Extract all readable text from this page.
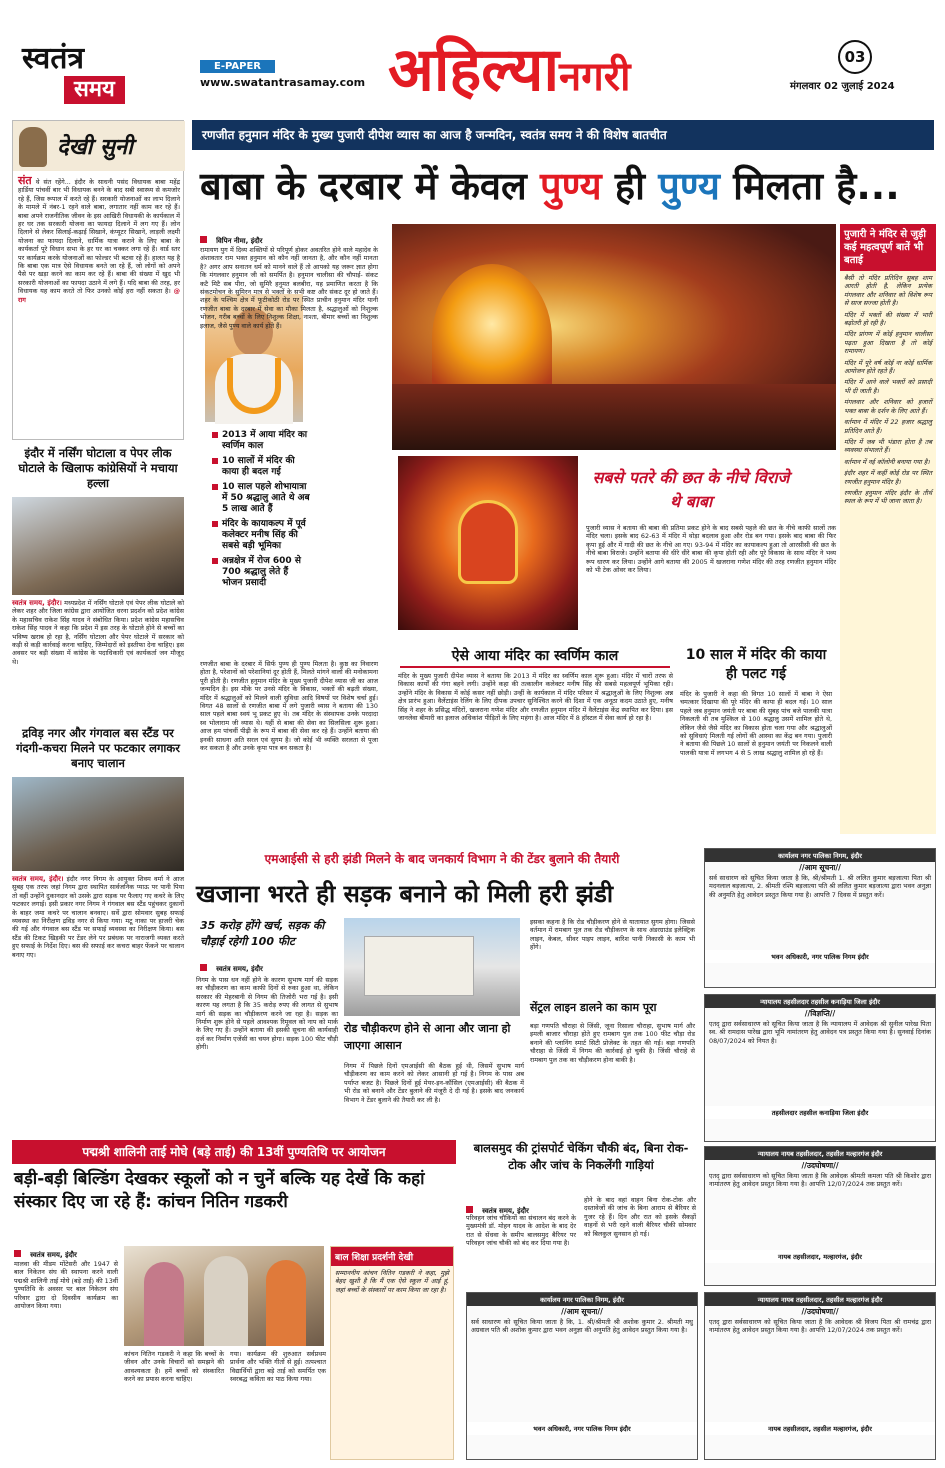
स्वतंत्र
समय
E-PAPER
www.swatantrasamay.com अहिल्यानगरी	03
मंगलवार 02 जुलाई 2024
देखी सुनी
संत थे संत रहेंगे... इंदौर के साधनी पसंद विधायक बाबा महेंद्र हार्डिया पांचवीं बार भी विधायक बनने के बाद सबी स्वास्थ्य से कमजोर रहे हैं, जिस रूपाल में करते रहे हैं। सरकारी योजनाओं का लाभ दिलाने के मामले में नंबर-1 रहने वाले बाबा, लगातार नहीं काम कर रहे हैं। बाबा अपने राजनीतिक जीवन के इस आखिरी विधायकी के कार्यकाल में हर घर तक सरकारी योजना का फायदा दिलाने में लग गए हैं। लोन दिलाने से लेकर सिलाई-कढ़ाई सिखाने, कंप्यूटर सिखाने, लाड़ली लक्ष्मी योजना का फायदा दिलाने, धार्मिक यात्रा कराने के लिए बाबा के कार्यकर्ता पूरे विधान सभा के हर घर का चक्कर लगा रहे हैं। वार्ड स्तर पर कार्यक्रम करके योजनाओं का फोल्डर भी बटवा रहे हैं। हालत यह है कि बाबा एक मात्र ऐसे विधायक बनते जा रहे हैं, जो लोगों को अपने पैसे पर खड़ा करने का काम कर रहे हैं। बाबा की संख्या में खुद भी सरकारी योजनाओं का फायदा उठाने में लगे हैं। यदि बाबा की तरह, हर विधायक यह काम करते तो फिर उनको कोई हरा नहीं सकता है। @ राग
इंदौर में नर्सिंग घोटाला व पेपर लीक घोटाले के खिलाफ कांग्रेसियों ने मचाया हल्ला
स्वतंत्र समय, इंदौर। मध्यप्रदेश में नर्सिंग घोटाले एवं पेपर लीक घोटाले को लेकर शहर और जिला कांग्रेस द्वारा आयोजित धरना प्रदर्शन को प्रदेश कांग्रेस के महासचिव राकेश सिंह यादव ने संबोधित किया। प्रदेश कांग्रेस महासचिव राकेश सिंह यादव ने कहा कि प्रदेश में इस तरह के घोटाले होने से बच्चों का भविष्य खराब हो रहा है, नर्सिंग घोटाला और पेपर घोटाले में सरकार को कड़ी से कड़ी कार्रवाई करना चाहिए, जिम्मेदारों को इस्तीफा देना चाहिए। इस अवसर पर बड़ी संख्या में कांग्रेस के पदाधिकारी एवं कार्यकर्ता जन मौजूद थे।
द्रविड़ नगर और गंगवाल बस स्टैंड पर गंदगी-कचरा मिलने पर फटकार लगाकर बनाए चालान
स्वतंत्र समय, इंदौर। इंदौर नगर निगम के आयुक्त शिवम वर्मा ने आज सुबह एक तरफ जहां निगम द्वारा स्थापित सार्वजनिक प्याऊ पर पानी पिया तो वहीं उन्होंने दुकानदार को उसके द्वारा सड़क पर फैलाए गए कचरे के लिए फटकार लगाई। इसी प्रकार नगर निगम ने गंगवाल बस स्टैंड पहुंचकर दुकानों के बाहर जमा कचरे पर चालान बनवाए। सर्वे द्वारा सोमवार सुबह सफाई व्यवस्था का निरीक्षण द्रविड़ नगर से किया गया। मटू नाका पर हाजरी चेक की गई और गंगवाल बस स्टैंड पर सफाई व्यवस्था का निरीक्षण किया। बस स्टैंड की टिकट खिड़की पर टेंडर लेने पर प्रबंधक पर नाराजगी व्यक्त करते हुए सफाई के निर्देश दिए। बस की सफाई कर कचरा बाहर फेंकने पर चालान बनाए गए।
रणजीत हनुमान मंदिर के मुख्य पुजारी दीपेश व्यास का आज है जन्मदिन, स्वतंत्र समय ने की विशेष बातचीत
बाबा के दरबार में केवल पुण्य ही पुण्य मिलता है...
विपिन नीमा, इंदौर
रामायण युग में दिव्य शक्तियों से परिपूर्ण होकर अवतरित होने वाले महादेव के अंशावतार राम भक्त हनुमान को कौन नहीं जानता है, और कौन नहीं मानता है? अगर आप सनातन धर्म को मानने वाले हैं तो आपको यह जरूर ज्ञात होगा कि मंगलवार हनुमान जी को समर्पित है। हनुमान चालीसा की चौपाई- संकट कटै मिटै सब पीरा, जो सुमिरै हनुमत बलबीरा, यह प्रमाणित करता है कि संकटमोचन के सुमिरन मात्र से भक्तों के सभी कष्ट और संकट दूर हो जाते हैं। शहर के पश्चिम क्षेत्र में फूटीकोठी रोड पर स्थित प्राचीन हनुमान मंदिर यानी रणजीत बाबा के दरबार में सेवा का मौका मिलता है, श्रद्धालुओं को निशुल्क भोजन, गरीब बच्चों के लिए निशुल्क शिक्षा, नाश्ता, बीमार बच्चों का निशुल्क इलाज, जैसे पुण्य वाले कार्य होते हैं।
2013 में आया मंदिर का स्वर्णिम काल
10 सालों में मंदिर की काया ही बदल गई
10 साल पहले शोभायात्रा में 50 श्रद्धालु आते थे अब 5 लाख आते हैं
मंदिर के कायाकल्प में पूर्व कलेक्टर मनीष सिंह की सबसे बड़ी भूमिका
अन्नक्षेत्र में रोज 600 से 700 श्रद्धालु लेते हैं भोजन प्रसादी
रणजीत बाबा के दरबार में सिर्फ पुण्य ही पुण्य मिलता है। कुष्ठ का निवारण होता है, परेशानों को परेशानियां दूर होती हैं, मिलते मांगने वालों की मनोकामना पूरी होती है। रणजीत हनुमान मंदिर के मुख्य पुजारी दीपेश व्यास जी का आज जन्मदिन है। इस मौके पर उनसे मंदिर के विकास, भक्तों की बढ़ती संख्या, मंदिर में श्रद्धालुओं को मिलने वाली सुविधा आदि विषयों पर विशेष चर्चा हुई। विगत 48 सालों से रणजीत बाबा में लगे पुजारी व्यास ने बताया की 130 साल पहले बाबा स्वयं भू प्रकट हुए थे। तब मंदिर के संस्थापक उनके परदादा स्व भोलाराम जी व्यास थे। यहीं से बाबा की सेवा का सिलसिला शुरू हुआ। आज हम पांचवीं पीढ़ी के रूप में बाबा की सेवा कर रहे हैं। उन्होंने बताया की इनकी साधना अति सरल एवं सुगम है। जो कोई भी व्यक्ति सरलता से पूजा कर सकता है और उनके कृपा पात्र बन सकता है।
सबसे पतरे की छत के नीचे विराजे थे बाबा
पुजारी व्यास ने बताया की बाबा की प्रतिमा प्रकट होने के बाद सबसे पहले की छत के नीचे काफी सालों तक मंदिर चला। इसके बाद 62-63 में मंदिर में थोड़ा बदलाव हुआ और रोड बन गया। इसके बाद बाबा की फिर कृपा हुई और में गादी की छत के नीचे आ गए। 93-94 में मंदिर का कायाकल्प हुआ तो आरसीसी की छत के नीचे बाबा विराजे। उन्होंने बताया की धीरे धीरे बाबा की कृपा होती रही और पूरे विकास के साथ मंदिर ने भव्य रूप धारण कर लिया। उन्होंने आगे बताया की 2005 में खजराना गणेश मंदिर की तरह रणजीत हनुमान मंदिर को भी टेक ओवर कर लिया।
ऐसे आया मंदिर का स्वर्णिम काल
मंदिर के मुख्य पुजारी दीपेश व्यास ने बताया कि 2013 में मंदिर का स्वर्णिम काल शुरू हुआ। मंदिर में चारों तरफ से विकास कार्यों की गंगा बहने लगी। उन्होंने कहा की तत्कालीन कलेक्टर मनीष सिंह की सबसे महत्वपूर्ण भूमिका रही। उन्होंने मंदिर के विकास में कोई कसर नहीं छोड़ी। उन्हीं के कार्यकाल में मंदिर परिसर में श्रद्धालुओं के लिए निशुल्क अन्न क्षेत्र प्रारंभ हुआ। वैलेंटाइंस रेलिंग के लिए दीपक उपचार सुनिश्चित करने की दिशा में एक अनूठा कदम उठाते हुए, मनीष सिंह ने शहर के प्रसिद्ध मंदिरों, खजराना गणेश मंदिर और रणजीत हनुमान मंदिर में वैलेंटाइंस केंद्र स्थापित कर दिया। इस जानलेवा बीमारी का इलाज अधिकांश पीड़ितों के लिए महंगा है। आज मंदिर में 8 हॉस्टल में सेवा कार्य हो रहा है।
10 साल में मंदिर की काया ही पलट गई
मंदिर के पुजारी ने कहा की विगत 10 सालों में बाबा ने ऐसा चमत्कार दिखाया की पूरे मंदिर की काया ही बदल गई। 10 साल पहले जब हनुमान जयंती पर बाबा की सुबह पांच बजे पालकी यात्रा निकलती थी तब मुश्किल से 100 श्रद्धालु उसमें शामिल होते थे, लेकिन जैसे जैसे मंदिर का विकास होता चला गया और श्रद्धालुओं को सुविधाएं मिलती गई लोगों की आस्था का केंद्र बन गया। पुजारी ने बताया की पिछले 10 सालों से हनुमान जयंती पर निकलने वाली पालकी यात्रा में लगभग 4 से 5 लाख श्रद्धालु शामिल हो रहे हैं।
पुजारी ने मंदिर से जुड़ी कई महत्वपूर्ण बातें भी बताई
बैसी तो मंदिर प्रतिदिन सुबह शाम आरती होती है, लेकिन प्रत्येक मंगलवार और शनिवार को विशेष रूप से साज सज्जा होती है।
मंदिर में भक्तों की संख्या में भारी बढ़ोतरी हो रही है।
मंदिर प्रांगण में कोई हनुमान चालीसा पढ़ता हुआ दिखता है तो कोई रामायण।
मंदिर में पूरे वर्ष कोई ना कोई धार्मिक आयोजन होते रहते हैं।
मंदिर में आने वाले भक्तों को प्रसादी भी दी जाती है।
मंगलवार और शनिवार को हजारों भक्त बाबा के दर्शन के लिए आते हैं।
वर्तमान में मंदिर में 22 हजार श्रद्धालु प्रतिदिन आते हैं।
मंदिर में जब भी भंडारा होता है तब व्यवस्था संभालते हैं।
वर्तमान में नई कॉलोनी बनाया गया है।
इंदौर शहर में कहीं कोई रोड पर स्थित रणजीत हनुमान मंदिर है।
रणजीत हनुमान मंदिर इंदौर के तीर्थ स्थल के रूप में भी जाना जाता है।
एमआईसी से हरी झंडी मिलने के बाद जनकार्य विभाग ने की टेंडर बुलाने की तैयारी
खजाना भरते ही सड़क बनाने को मिली हरी झंडी
35 करोड़ होंगे खर्च, सड़क की चौड़ाई रहेगी 100 फीट
स्वतंत्र समय, इंदौर
निगम के पास धन नहीं होने के कारण सुभाष मार्ग की सड़क का चौड़ीकरण का काम काफी दिनों से रुका हुआ था, लेकिन सरकार की मेहरबानी से निगम की तिजोरी भरा गई है। इसी कारण यह लगता है कि 35 करोड़ रुपए की लागत से सुभाष मार्ग की सड़क का चौड़ीकरण करने जा रहा है। सड़क का निर्माण शुरू होने से पहले आवश्यक रिमूवल को नाप को मार्क के लिए गए हैं। उन्होंने बताया की इसकी सूचना की कार्यवाही दर्ज कर निर्माण एजेंसी का चयन होगा। सड़क 100 फीट चौड़ी होगी।
रोड चौड़ीकरण होने से आना और जाना हो जाएगा आसान
निगम में पिछले दिनों एमआईसी की बैठक हुई थी, जिसमें सुभाष मार्ग चौड़ीकरण का काम करने को लेकर आसानी हो गई है। निगम के पास अब पर्याप्त बजट है। पिछले दिनों हुई मेयर-इन-कौंसिल (एमआईसी) की बैठक में भी रोड को बनाने और टेंडर बुलाने की मंजूरी दे दी गई है। इसके बाद जनकार्य विभाग ने टेंडर बुलाने की तैयारी कर ली है।
इसका कहना है कि रोड चौड़ीकरण होने से यातायात सुगम होगा। जिससे वर्तमान में रामबाग पुल तक रोड चौड़ीकरण के साथ अंडरग्राउंड इलेक्ट्रिक लाइन, केबल, सीवर पाइप लाइन, बारिश पानी निकासी के काम भी होंगे।
सेंट्रल लाइन डालने का काम पूरा
बड़ा गणपति चौराहा से जिंसी, जूना रिसाला चौराहा, सुभाष मार्ग और इमली बाजार चौराहा होते हुए रामबाग पुल तक 100 फीट चौड़ा रोड बनाने की प्लानिंग स्मार्ट सिटी प्रोजेक्ट के तहत की गई। बड़ा गणपति चौराहा से जिंसी में निगम की कार्रवाई हो चुकी है। जिंसी चौराहे से रामबाग पुल तक का चौड़ीकरण होना बाकी है।
पद्मश्री शालिनी ताई मोघे (बड़े ताई) की 13वीं पुण्यतिथि पर आयोजन
बड़ी-बड़ी बिल्डिंग देखकर स्कूलों को न चुनें बल्कि यह देखें कि कहां संस्कार दिए जा रहे हैं: कांचन नितिन गडकरी
स्वतंत्र समय, इंदौर
मालवा की मीडम मोंटेसरी और 1947 से बाल निकेतन संघ की स्थापना करने वाली पद्मश्री शालिनी ताई मोघे (बड़े ताई) की 13वीं पुण्यतिथि के अवसर पर बाल निकेतन संघ परिवार द्वारा दो दिवसीय कार्यक्रम का आयोजन किया गया।
कांचन नितिन गडकरी ने कहा कि बच्चों के जीवन और उनके विचारों को समझने की आवश्यकता है। हमें बच्चों को संस्कारित करने का प्रयास करना चाहिए।
गया। कार्यक्रम की शुरुआत सर्वप्रथम प्रार्थना और भक्ति गीतों से हुई। तत्पश्चात विद्यार्थियों द्वारा बड़े ताई को समर्पित एक स्वरबद्ध कविता का पाठ किया गया।
बाल शिक्षा प्रदर्शनी देखी
सम्माननीय कांचन नितिन गडकरी ने कहा, मुझे बेहद खुशी है कि मैं एक ऐसे स्कूल में आई हूं, जहां बच्चों के संस्कारों पर काम किया जा रहा है।
बालसमुद की ट्रांसपोर्ट चेकिंग चौकी बंद, बिना रोक-टोक और जांच के निकलेंगी गाड़ियां
स्वतंत्र समय, इंदौर
परिवहन जांच चौकियों का संचालन बंद करने के मुख्यमंत्री डॉ. मोहन यादव के आदेश के बाद देर रात से सेंधवा के समीप बालसमुद बैरियर पर परिवहन जांच चौकी को बंद कर दिया गया है।
होने के बाद वहां वाहन बिना रोक-टोक और दस्तावेजों की जांच के बिना आराम से बैरियर से गुजर रहे हैं। दिन और रात को इसके सैकड़ों वाहनों से भरी रहने वाली बैरियर चौकी सोमवार को बिलकुल सुनसान हो गई।
कार्यालय नगर पालिका निगम, इंदौर
//आम सूचना//
सर्व साधारण को सूचित किया जाता है कि, श्री/श्रीमती 1. श्री ललित कुमार बड़जात्या पिता श्री मदनलाल बड़जात्या, 2. श्रीमती रश्मि बड़जात्या पति श्री ललित कुमार बड़जात्या द्वारा भवन अनुज्ञा की अनुमति हेतु आवेदन प्रस्तुत किया गया है। आपत्ति 7 दिवस में प्रस्तुत करें।
भवन अधिकारी, नगर पालिक निगम इंदौर
न्यायालय तहसीलदार तहसील कनाड़िया जिला इंदौर
//विज्ञप्ति//
एतद् द्वारा सर्वसाधारण को सूचित किया जाता है कि न्यायालय में आवेदक श्री सुनील पारेख पिता स्व. श्री रामदास पारेख द्वारा भूमि नामांतरण हेतु आवेदन पत्र प्रस्तुत किया गया है। सुनवाई दिनांक 08/07/2024 को नियत है।
तहसीलदार तहसील कनाड़िया जिला इंदौर
न्यायालय नायब तहसीलदार, तहसील मल्हारगंज इंदौर
//उदघोषणा//
एतद् द्वारा सर्वसाधारण को सूचित किया जाता है कि आवेदक श्रीमती कमला पति श्री किशोर द्वारा नामांतरण हेतु आवेदन प्रस्तुत किया गया है। आपत्ति 12/07/2024 तक प्रस्तुत करें।
नायब तहसीलदार, मल्हारगंज, इंदौर
कार्यालय नगर पालिका निगम, इंदौर
//आम सूचना//
सर्व साधारण को सूचित किया जाता है कि, 1. श्री/श्रीमती श्री अशोक कुमार 2. श्रीमती मधु अग्रवाल पति श्री अशोक कुमार द्वारा भवन अनुज्ञा की अनुमति हेतु आवेदन प्रस्तुत किया गया है।
भवन अधिकारी, नगर पालिक निगम इंदौर
न्यायालय नायब तहसीलदार, तहसील मल्हारगंज इंदौर
//उदघोषणा//
एतद् द्वारा सर्वसाधारण को सूचित किया जाता है कि आवेदक श्री विजय पिता श्री रामचंद्र द्वारा नामांतरण हेतु आवेदन प्रस्तुत किया गया है। आपत्ति 12/07/2024 तक प्रस्तुत करें।
नायब तहसीलदार, तहसील मल्हारगंज, इंदौर
